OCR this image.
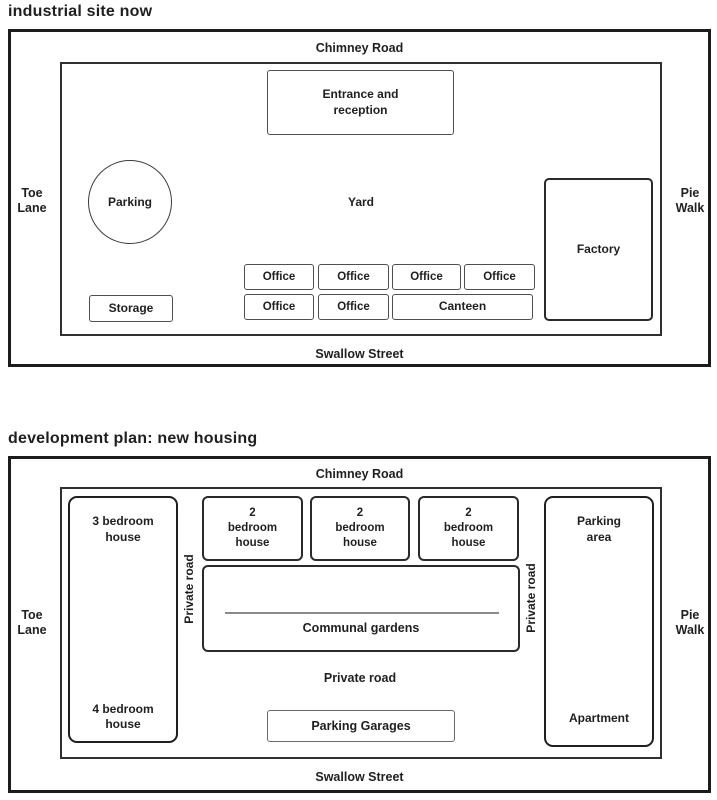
industrial site now
Chimney Road
Swallow Street
Toe
Lane
Pie
Walk
Entrance and
reception
Parking	Yard
Factory
Storage
Office	Office	Office	Office
Office	Office	Canteen
development plan: new housing
Chimney Road
Swallow Street
Toe
Lane
Pie
Walk
3 bedroom
house
4 bedroom
house
Private road	Private road
2
bedroom
house
2
bedroom
house
2
bedroom
house
Communal gardens
Parking
area
Apartment
Private road
Parking Garages
